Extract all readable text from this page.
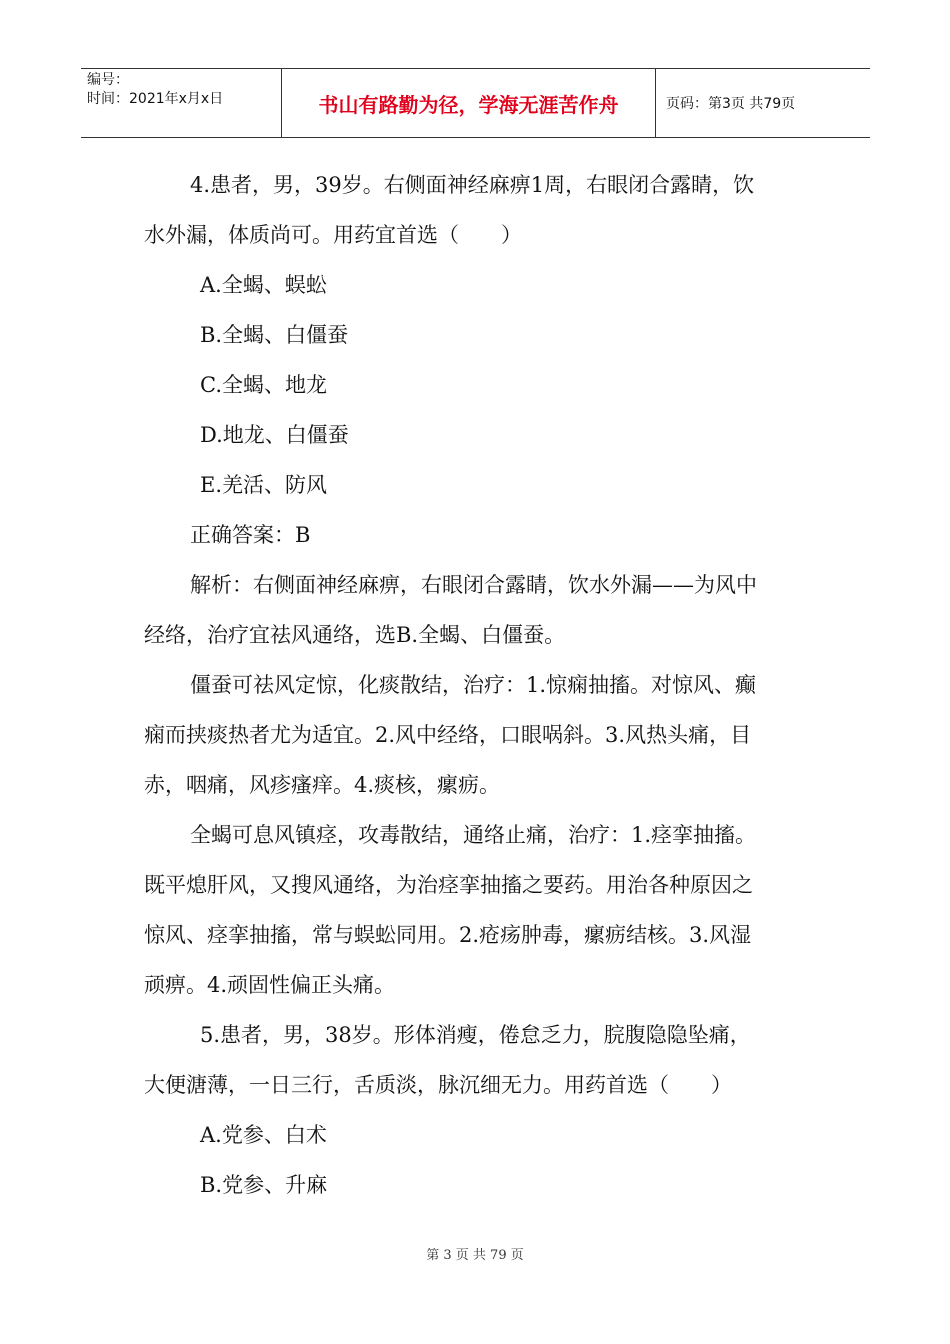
编号：
时间：2021年x月x日	书山有路勤为径，学海无涯苦作舟	页码：第3页 共79页

4.患者，男，39岁。右侧面神经麻痹1周，右眼闭合露睛，饮

水外漏，体质尚可。用药宜首选（　　）

A.全蝎、蜈蚣

B.全蝎、白僵蚕

C.全蝎、地龙

D.地龙、白僵蚕

E.羌活、防风

正确答案：B

解析：右侧面神经麻痹，右眼闭合露睛，饮水外漏——为风中

经络，治疗宜祛风通络，选B.全蝎、白僵蚕。

僵蚕可祛风定惊，化痰散结，治疗：1.惊痫抽搐。对惊风、癫

痫而挟痰热者尤为适宜。2.风中经络，口眼㖞斜。3.风热头痛，目

赤，咽痛，风疹瘙痒。4.痰核，瘰疬。

全蝎可息风镇痉，攻毒散结，通络止痛，治疗：1.痉挛抽搐。

既平熄肝风，又搜风通络，为治痉挛抽搐之要药。用治各种原因之

惊风、痉挛抽搐，常与蜈蚣同用。2.疮疡肿毒，瘰疬结核。3.风湿

顽痹。4.顽固性偏正头痛。

5.患者，男，38岁。形体消瘦，倦怠乏力，脘腹隐隐坠痛，

大便溏薄，一日三行，舌质淡，脉沉细无力。用药首选（　　）

A.党参、白术

B.党参、升麻

第 3 页 共 79 页
